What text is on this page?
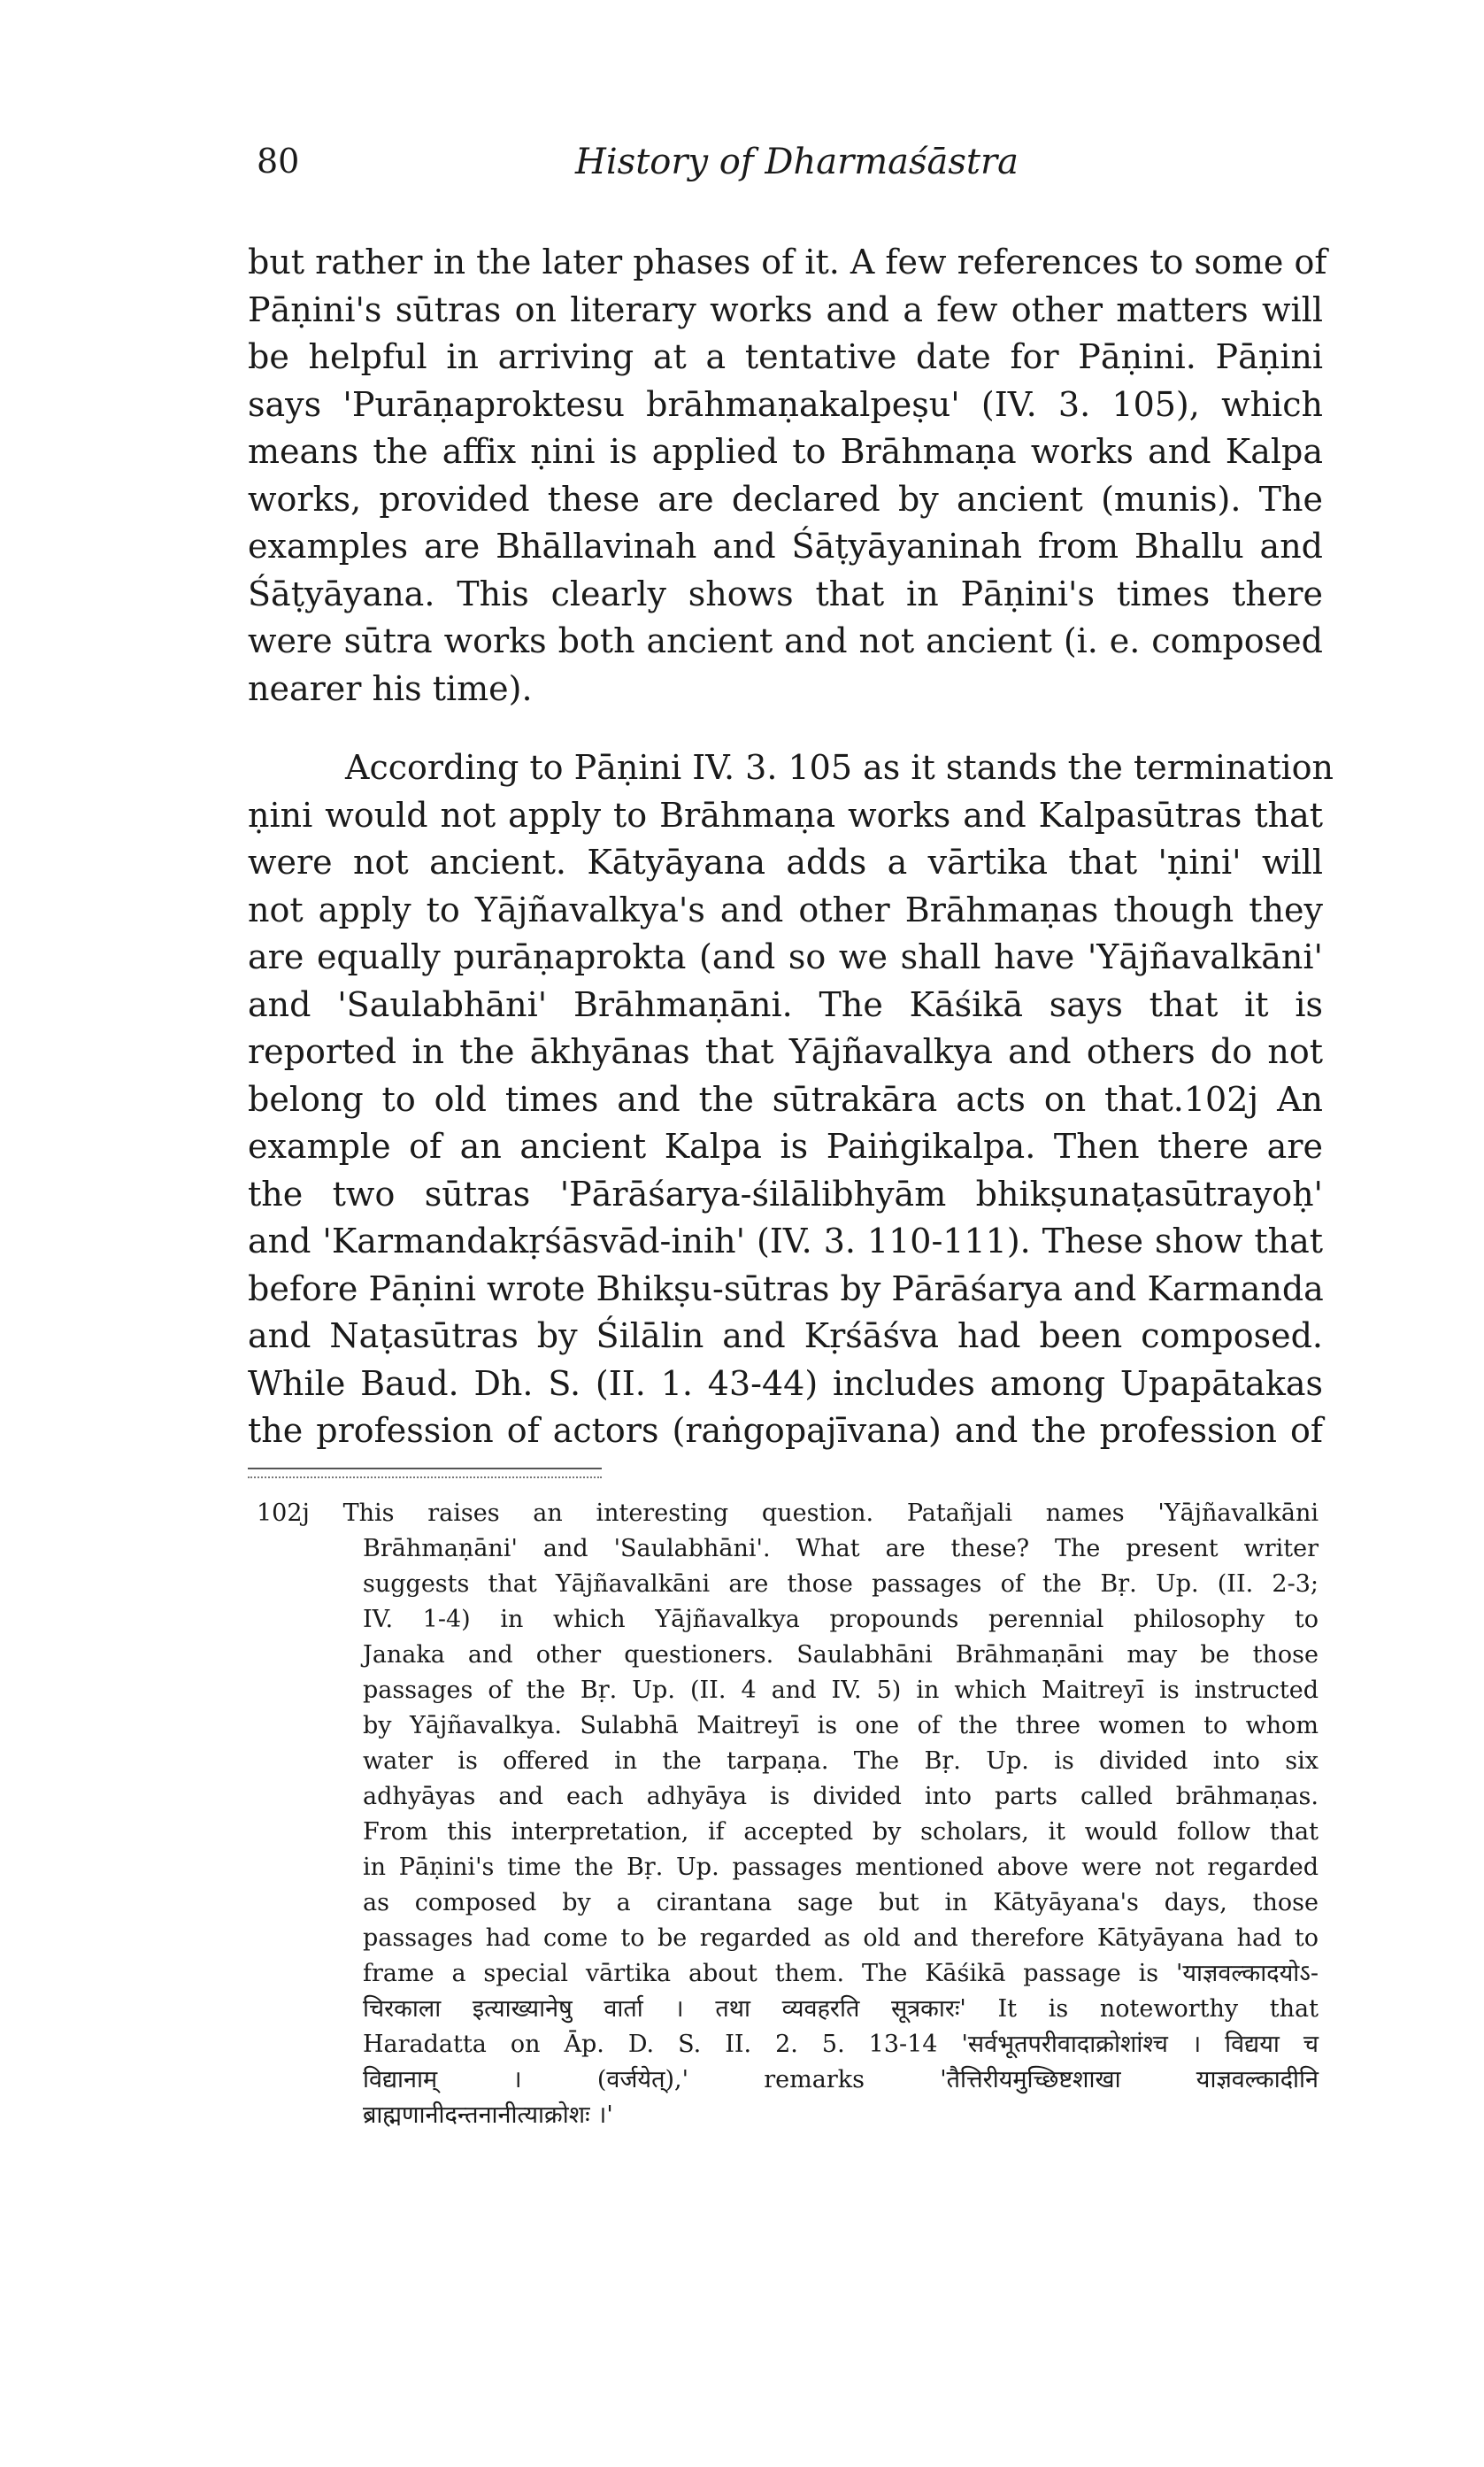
80	History of Dharmaśāstra
but rather in the later phases of it. A few references to some of
Pāṇini's sūtras on literary works and a few other matters will
be helpful in arriving at a tentative date for Pāṇini. Pāṇini
says 'Purāṇaproktesu brāhmaṇakalpeṣu' (IV. 3. 105), which
means the affix ṇini is applied to Brāhmaṇa works and Kalpa
works, provided these are declared by ancient (munis). The
examples are Bhāllavinah and Śāṭyāyaninah from Bhallu and
Śāṭyāyana. This clearly shows that in Pāṇini's times there
were sūtra works both ancient and not ancient (i. e. composed
nearer his time).
According to Pāṇini IV. 3. 105 as it stands the termination
ṇini would not apply to Brāhmaṇa works and Kalpasūtras that
were not ancient. Kātyāyana adds a vārtika that 'ṇini' will
not apply to Yājñavalkya's and other Brāhmaṇas though they
are equally purāṇaprokta (and so we shall have 'Yājñavalkāni'
and 'Saulabhāni' Brāhmaṇāni. The Kāśikā says that it is
reported in the ākhyānas that Yājñavalkya and others do not
belong to old times and the sūtrakāra acts on that.102j An
example of an ancient Kalpa is Paiṅgikalpa. Then there are
the two sūtras 'Pārāśarya-śilālibhyām bhikṣunaṭasūtrayoḥ'
and 'Karmandakṛśāsvād-inih' (IV. 3. 110-111). These show that
before Pāṇini wrote Bhikṣu-sūtras by Pārāśarya and Karmanda
and Naṭasūtras by Śilālin and Kṛśāśva had been composed.
While Baud. Dh. S. (II. 1. 43-44) includes among Upapātakas
the profession of actors (raṅgopajīvana) and the profession of
102j This raises an interesting question. Patañjali names 'Yājñavalkāni
Brāhmaṇāni' and 'Saulabhāni'. What are these? The present writer
suggests that Yājñavalkāni are those passages of the Bṛ. Up. (II. 2-3;
IV. 1-4) in which Yājñavalkya propounds perennial philosophy to
Janaka and other questioners. Saulabhāni Brāhmaṇāni may be those
passages of the Bṛ. Up. (II. 4 and IV. 5) in which Maitreyī is instructed
by Yājñavalkya. Sulabhā Maitreyī is one of the three women to whom
water is offered in the tarpaṇa. The Bṛ. Up. is divided into six
adhyāyas and each adhyāya is divided into parts called brāhmaṇas.
From this interpretation, if accepted by scholars, it would follow that
in Pāṇini's time the Bṛ. Up. passages mentioned above were not regarded
as composed by a cirantana sage but in Kātyāyana's days, those
passages had come to be regarded as old and therefore Kātyāyana had to
frame a special vārtika about them. The Kāśikā passage is 'याज्ञवल्कादयोऽ-
चिरकाला इत्याख्यानेषु वार्ता । तथा व्यवहरति सूत्रकारः' It is noteworthy that
Haradatta on Āp. D. S. II. 2. 5. 13-14 'सर्वभूतपरीवादाक्रोशांश्च । विद्यया च
विद्यानाम् । (वर्जयेत्),' remarks 'तैत्तिरीयमुच्छिष्टशाखा याज्ञवल्कादीनि
ब्राह्मणानीदन्तनानीत्याक्रोशः ।'
